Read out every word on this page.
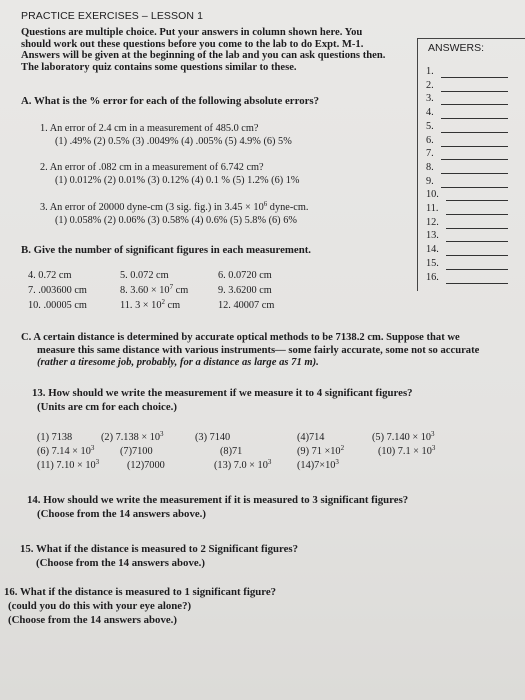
PRACTICE EXERCISES – LESSON 1
Questions are multiple choice. Put your answers in column shown here. You
should work out these questions before you come to the lab to do Expt. M-1.
Answers will be given at the beginning of the lab and you can ask questions then.
The laboratory quiz contains some questions similar to these.
ANSWERS:
1.
2.
3.
4.
5.
6.
7.
8.
9.
10.
11.
12.
13.
14.
15.
16.
A. What is the % error for each of the following absolute errors?
1. An error of 2.4 cm in a measurement of 485.0 cm?
(1) .49% (2) 0.5% (3) .0049% (4) .005% (5) 4.9% (6) 5%
2. An error of .082 cm in a measurement of 6.742 cm?
(1) 0.012% (2) 0.01% (3) 0.12% (4) 0.1 % (5) 1.2% (6) 1%
3. An error of 20000 dyne-cm (3 sig. fig.) in $3.45 \times 10^6$ dyne-cm.
(1) 0.058% (2) 0.06% (3) 0.58% (4) 0.6% (5) 5.8% (6) 6%
B. Give the number of significant figures in each measurement.
4. 0.72 cm	5. 0.072 cm	6. 0.0720 cm
7. .003600 cm	8. $3.60 \times 10^7$ cm	9. 3.6200 cm
10. .00005 cm	11. $3 \times 10^2$ cm	12. 40007 cm
C. A certain distance is determined by accurate optical methods to be 7138.2 cm. Suppose that we
measure this same distance with various instruments— some fairly accurate, some not so accurate
(rather a tiresome job, probably, for a distance as large as 71 m).
13. How should we write the measurement if we measure it to 4 significant figures?
(Units are cm for each choice.)
(1) 7138	(2) $7.138 \times 10^3$	(3) 7140	(4)714	(5) $7.140 \times 10^3$
(6) $7.14 \times 10^3$ (7)7100	(8)71	(9) $71 \times 10^2$	(10) $7.1 \times 10^3$
(11) $7.10 \times 10^3$	(12)7000	(13) $7.0 \times 10^3$ $(14)7\times 10^3$
14. How should we write the measurement if it is measured to 3 significant figures?
(Choose from the 14 answers above.)
15. What if the distance is measured to 2 Significant figures?
(Choose from the 14 answers above.)
16. What if the distance is measured to 1 significant figure?
(could you do this with your eye alone?)
(Choose from the 14 answers above.)
